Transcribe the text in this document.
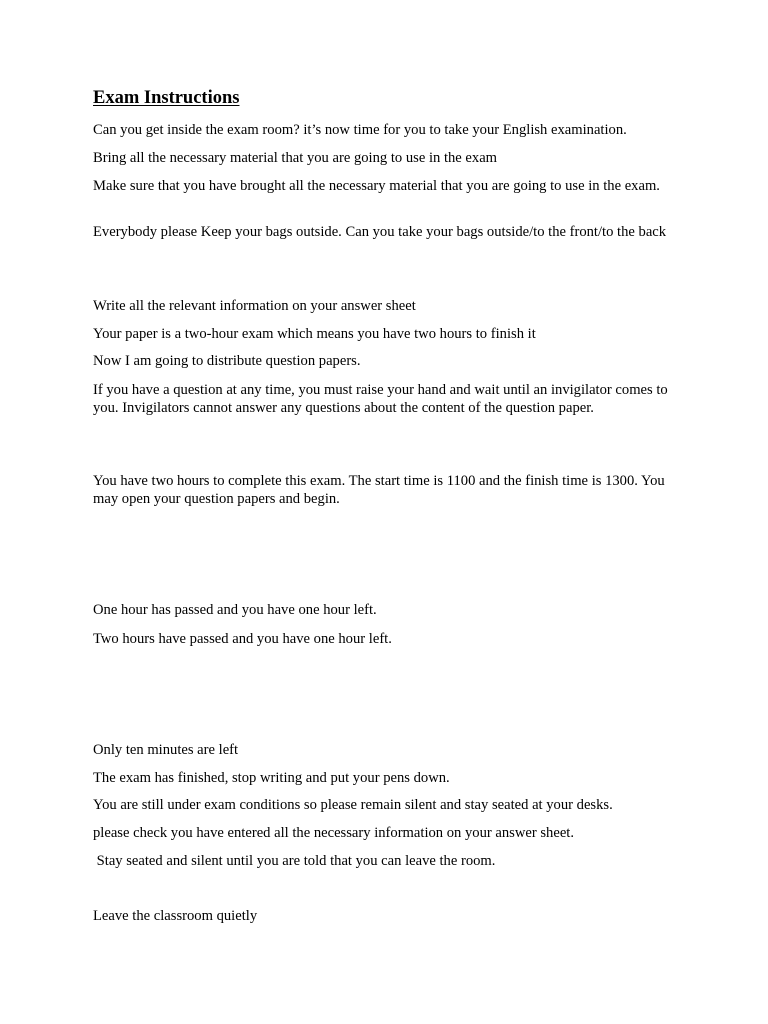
Exam Instructions

Can you get inside the exam room? it’s now time for you to take your English examination.

Bring all the necessary material that you are going to use in the exam

Make sure that you have brought all the necessary material that you are going to use in the exam.

Everybody please Keep your bags outside. Can you take your bags outside/to the front/to the back

Write all the relevant information on your answer sheet

Your paper is a two-hour exam which means you have two hours to finish it

Now I am going to distribute question papers.

If you have a question at any time, you must raise your hand and wait until an invigilator comes to you. Invigilators cannot answer any questions about the content of the question paper.

You have two hours to complete this exam. The start time is 1100 and the finish time is 1300. You may open your question papers and begin.

One hour has passed and you have one hour left.

Two hours have passed and you have one hour left.

Only ten minutes are left

The exam has finished, stop writing and put your pens down.

You are still under exam conditions so please remain silent and stay seated at your desks.

please check you have entered all the necessary information on your answer sheet.

Stay seated and silent until you are told that you can leave the room.

Leave the classroom quietly
